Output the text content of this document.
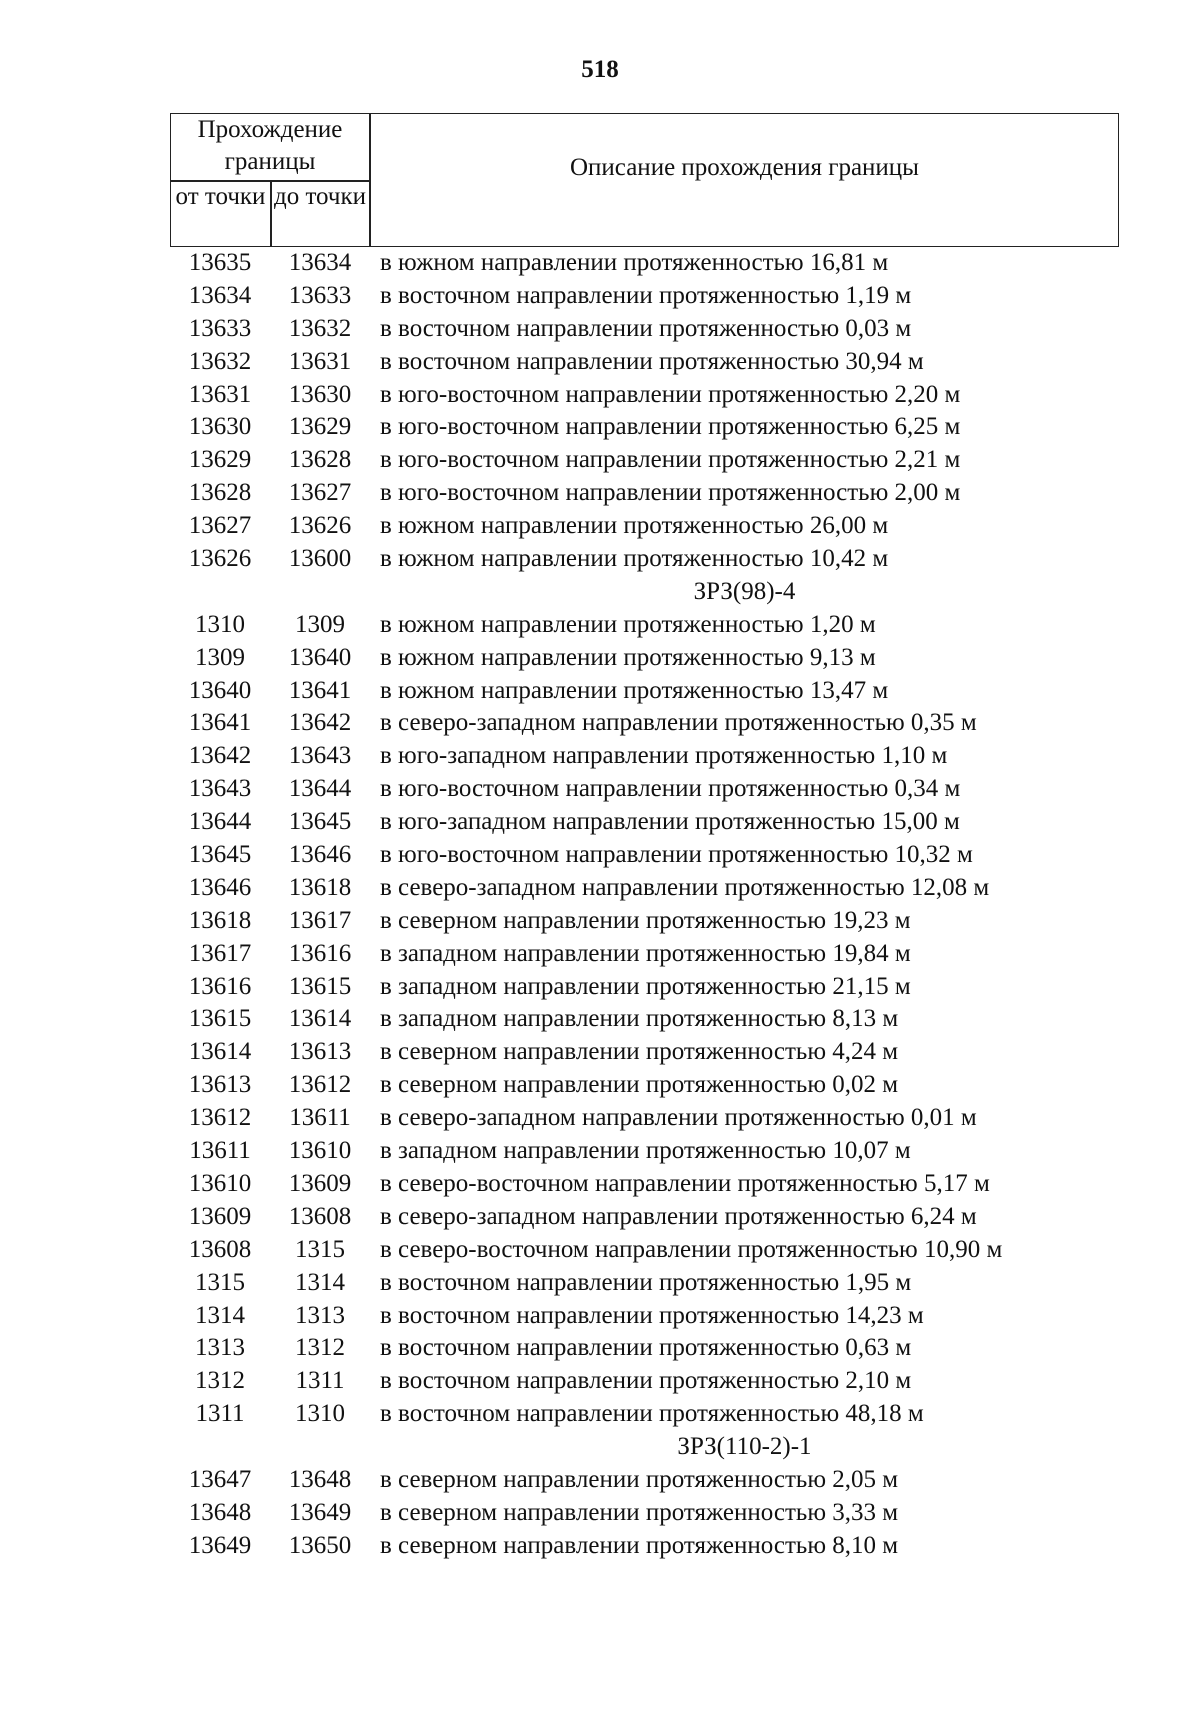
518
Прохождение границы
от точки до точки
Описание прохождения границы
13635	13634	в южном направлении протяженностью 16,81 м
13634	13633	в восточном направлении протяженностью 1,19 м
13633	13632	в восточном направлении протяженностью 0,03 м
13632	13631	в восточном направлении протяженностью 30,94 м
13631	13630	в юго-восточном направлении протяженностью 2,20 м
13630	13629	в юго-восточном направлении протяженностью 6,25 м
13629	13628	в юго-восточном направлении протяженностью 2,21 м
13628	13627	в юго-восточном направлении протяженностью 2,00 м
13627	13626	в южном направлении протяженностью 26,00 м
13626	13600	в южном направлении протяженностью 10,42 м
ЗРЗ(98)-4
1310	1309	в южном направлении протяженностью 1,20 м
1309	13640	в южном направлении протяженностью 9,13 м
13640	13641	в южном направлении протяженностью 13,47 м
13641	13642	в северо-западном направлении протяженностью 0,35 м
13642	13643	в юго-западном направлении протяженностью 1,10 м
13643	13644	в юго-восточном направлении протяженностью 0,34 м
13644	13645	в юго-западном направлении протяженностью 15,00 м
13645	13646	в юго-восточном направлении протяженностью 10,32 м
13646	13618	в северо-западном направлении протяженностью 12,08 м
13618	13617	в северном направлении протяженностью 19,23 м
13617	13616	в западном направлении протяженностью 19,84 м
13616	13615	в западном направлении протяженностью 21,15 м
13615	13614	в западном направлении протяженностью 8,13 м
13614	13613	в северном направлении протяженностью 4,24 м
13613	13612	в северном направлении протяженностью 0,02 м
13612	13611	в северо-западном направлении протяженностью 0,01 м
13611	13610	в западном направлении протяженностью 10,07 м
13610	13609	в северо-восточном направлении протяженностью 5,17 м
13609	13608	в северо-западном направлении протяженностью 6,24 м
13608	1315	в северо-восточном направлении протяженностью 10,90 м
1315	1314	в восточном направлении протяженностью 1,95 м
1314	1313	в восточном направлении протяженностью 14,23 м
1313	1312	в восточном направлении протяженностью 0,63 м
1312	1311	в восточном направлении протяженностью 2,10 м
1311	1310	в восточном направлении протяженностью 48,18 м
ЗРЗ(110-2)-1
13647	13648	в северном направлении протяженностью 2,05 м
13648	13649	в северном направлении протяженностью 3,33 м
13649	13650	в северном направлении протяженностью 8,10 м
